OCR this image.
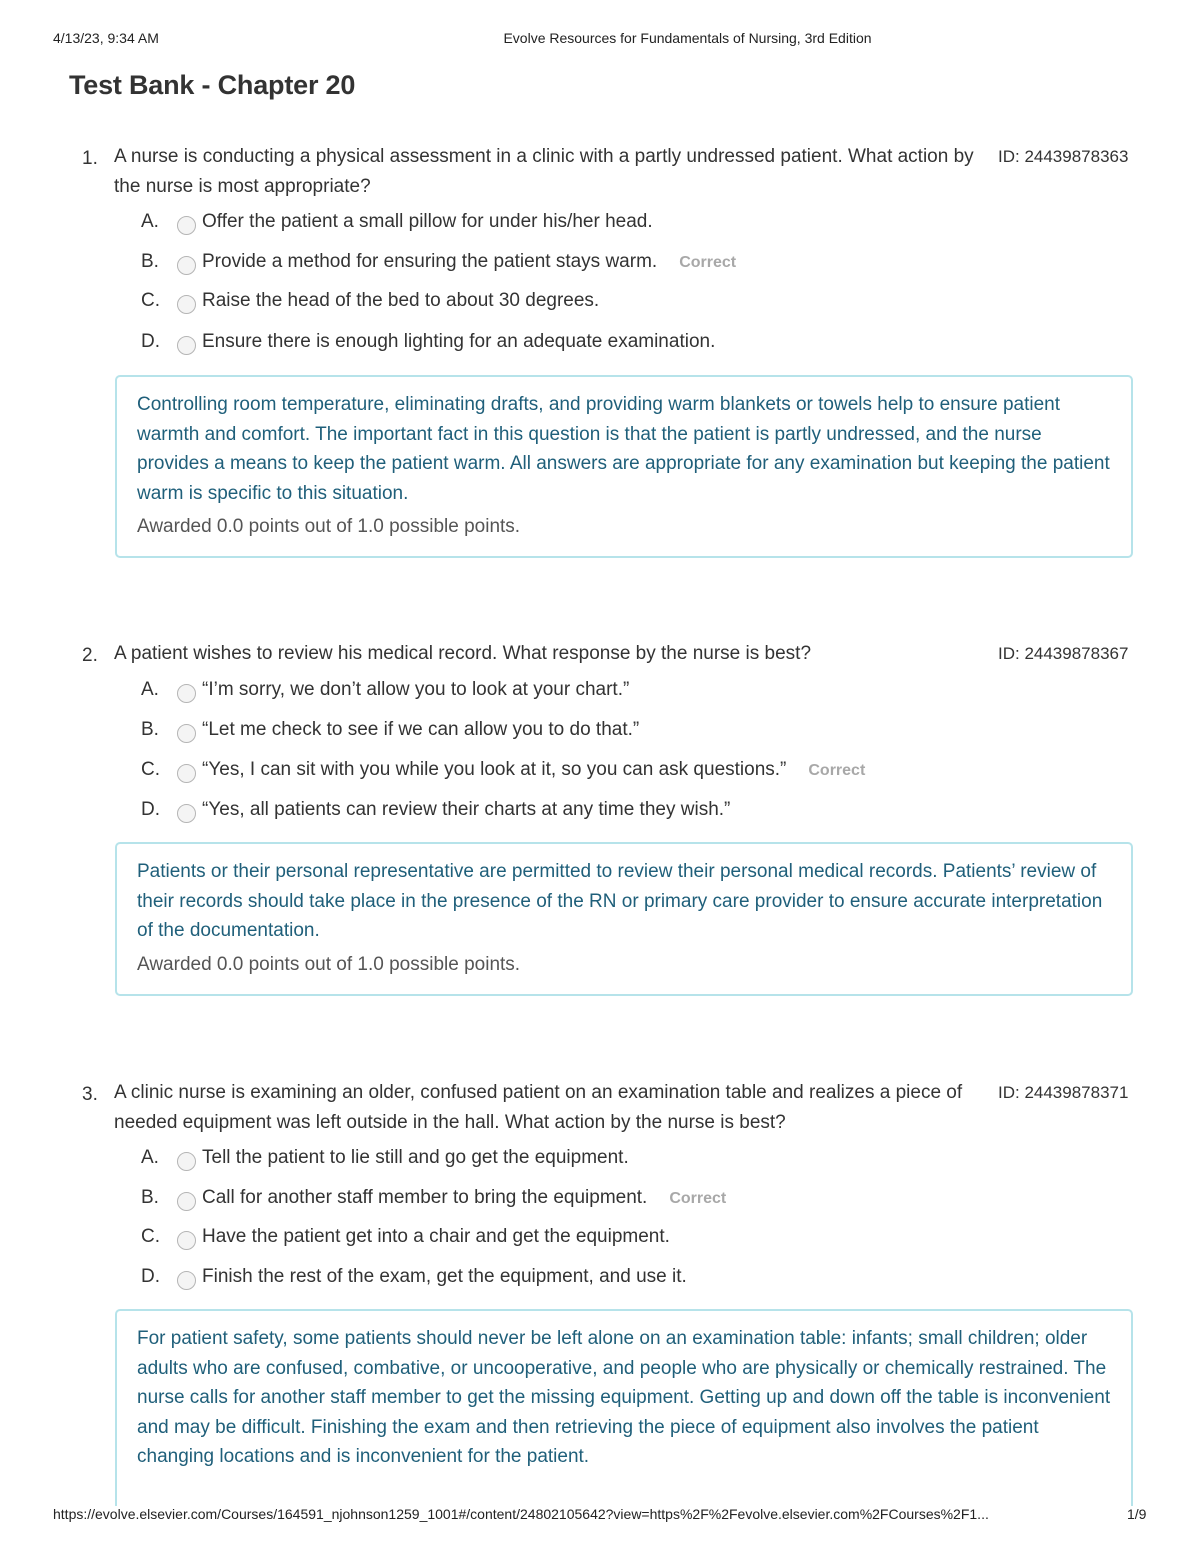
4/13/23, 9:34 AM	Evolve Resources for Fundamentals of Nursing, 3rd Edition
Test Bank - Chapter 20
1. A nurse is conducting a physical assessment in a clinic with a partly undressed patient. What action by the nurse is most appropriate?
ID: 24439878363
A. Offer the patient a small pillow for under his/her head.
B. Provide a method for ensuring the patient stays warm. Correct
C. Raise the head of the bed to about 30 degrees.
D. Ensure there is enough lighting for an adequate examination.
Controlling room temperature, eliminating drafts, and providing warm blankets or towels help to ensure patient warmth and comfort. The important fact in this question is that the patient is partly undressed, and the nurse provides a means to keep the patient warm. All answers are appropriate for any examination but keeping the patient warm is specific to this situation.
Awarded 0.0 points out of 1.0 possible points.
2. A patient wishes to review his medical record. What response by the nurse is best?	ID: 24439878367
A. “I’m sorry, we don’t allow you to look at your chart.”
B. “Let me check to see if we can allow you to do that.”
C. “Yes, I can sit with you while you look at it, so you can ask questions.” Correct
D. “Yes, all patients can review their charts at any time they wish.”
Patients or their personal representative are permitted to review their personal medical records. Patients’ review of their records should take place in the presence of the RN or primary care provider to ensure accurate interpretation of the documentation.
Awarded 0.0 points out of 1.0 possible points.
3. A clinic nurse is examining an older, confused patient on an examination table and realizes a piece of needed equipment was left outside in the hall. What action by the nurse is best?
ID: 24439878371
A. Tell the patient to lie still and go get the equipment.
B. Call for another staff member to bring the equipment. Correct
C. Have the patient get into a chair and get the equipment.
D. Finish the rest of the exam, get the equipment, and use it.
For patient safety, some patients should never be left alone on an examination table: infants; small children; older adults who are confused, combative, or uncooperative, and people who are physically or chemically restrained. The nurse calls for another staff member to get the missing equipment. Getting up and down off the table is inconvenient and may be difficult. Finishing the exam and then retrieving the piece of equipment also involves the patient changing locations and is inconvenient for the patient.
https://evolve.elsevier.com/Courses/164591_njohnson1259_1001#/content/24802105642?view=https%2F%2Fevolve.elsevier.com%2FCourses%2F1...	1/9
